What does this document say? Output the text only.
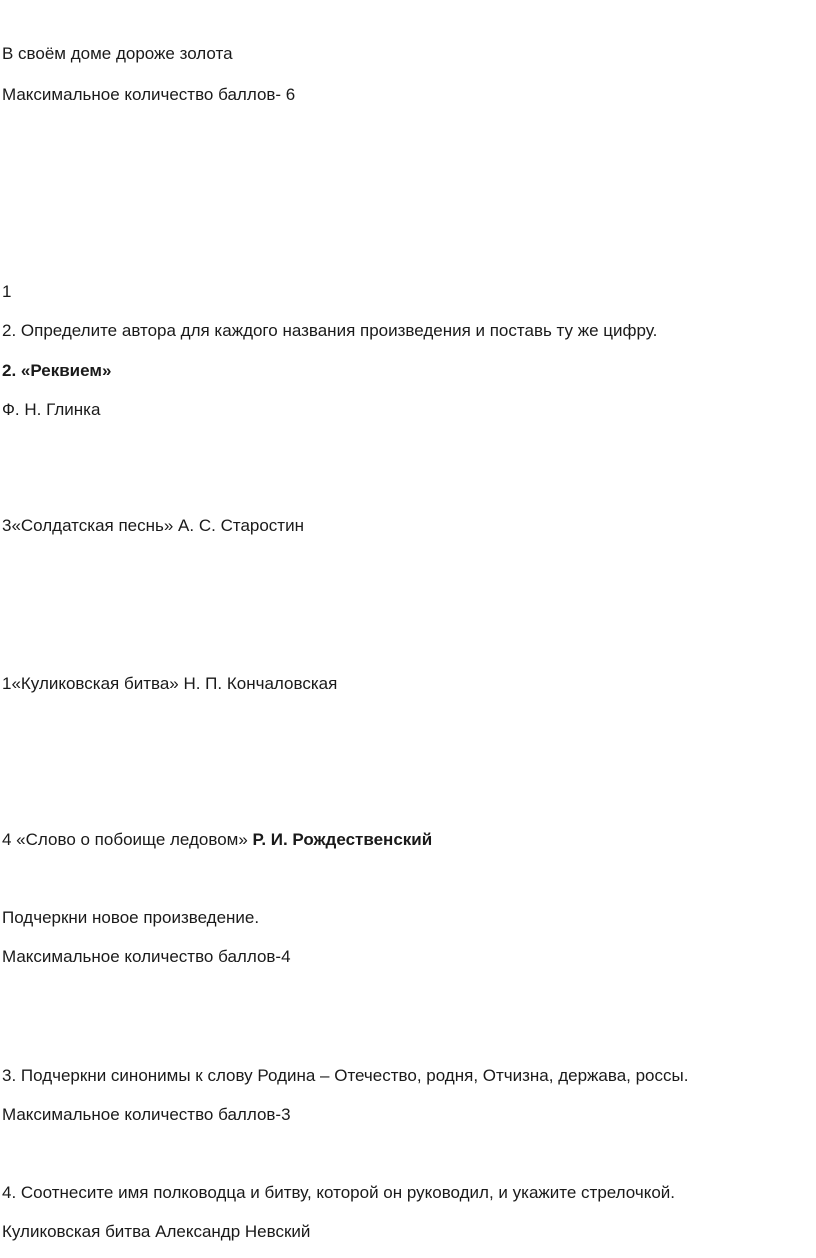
В своём доме дороже золота

Максимальное количество баллов- 6

1

2. Определите автора для каждого названия произведения и поставь ту же цифру.

2. «Реквием»

Ф. Н. Глинка

3«Солдатская песнь» А. С. Старостин

1«Куликовская битва» Н. П. Кончаловская

4 «Слово о побоище ледовом» Р. И. Рождественский

Подчеркни новое произведение.

Максимальное количество баллов-4

3. Подчеркни синонимы к слову Родина – Отечество, родня, Отчизна, держава, россы.

Максимальное количество баллов-3

4. Соотнесите имя полководца и битву, которой он руководил, и укажите стрелочкой.

Куликовская битва Александр Невский
